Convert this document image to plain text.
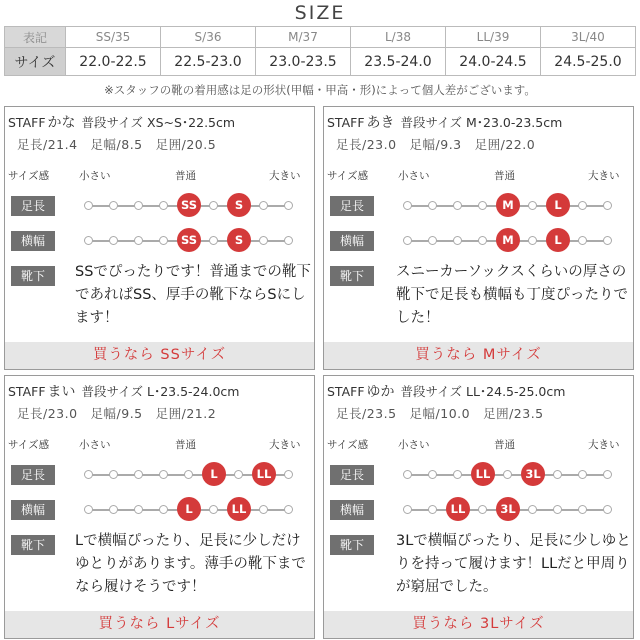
SIZE
表記	SS/35	S/36	M/37	L/38	LL/39	3L/40
サイズ	22.0-22.5	22.5-23.0	23.0-23.5	23.5-24.0	24.0-24.5	24.5-25.0
※スタッフの靴の着用感は足の形状(甲幅・甲高・形)によって個人差がございます。
STAFF かな 普段サイズ XS~S･22.5cm
足長/21.4　足幅/8.5　足囲/20.5
サイズ感	小さい	普通	大きい
足長	SS	S
横幅	SS	S
靴下	SSでぴったりです！普通までの靴下であればSS、厚手の靴下ならSにします！
買うなら SSサイズ
STAFF あき 普段サイズ M･23.0-23.5cm
足長/23.0　足幅/9.3　足囲/22.0
サイズ感	小さい	普通	大きい
足長	M	L
横幅	M	L
靴下	スニーカーソックスくらいの厚さの靴下で足長も横幅も丁度ぴったりでした！
買うなら Mサイズ
STAFF まい 普段サイズ L･23.5-24.0cm
足長/23.0　足幅/9.5　足囲/21.2
サイズ感	小さい	普通	大きい
足長	L	LL
横幅	L	LL
靴下	Lで横幅ぴったり、足長に少しだけゆとりがあります。薄手の靴下までなら履けそうです！
買うなら Lサイズ
STAFF ゆか 普段サイズ LL･24.5-25.0cm
足長/23.5　足幅/10.0　足囲/23.5
サイズ感	小さい	普通	大きい
足長	LL	3L
横幅	LL	3L
靴下	3Lで横幅ぴったり、足長に少しゆとりを持って履けます！LLだと甲周りが窮屈でした。
買うなら 3Lサイズ
